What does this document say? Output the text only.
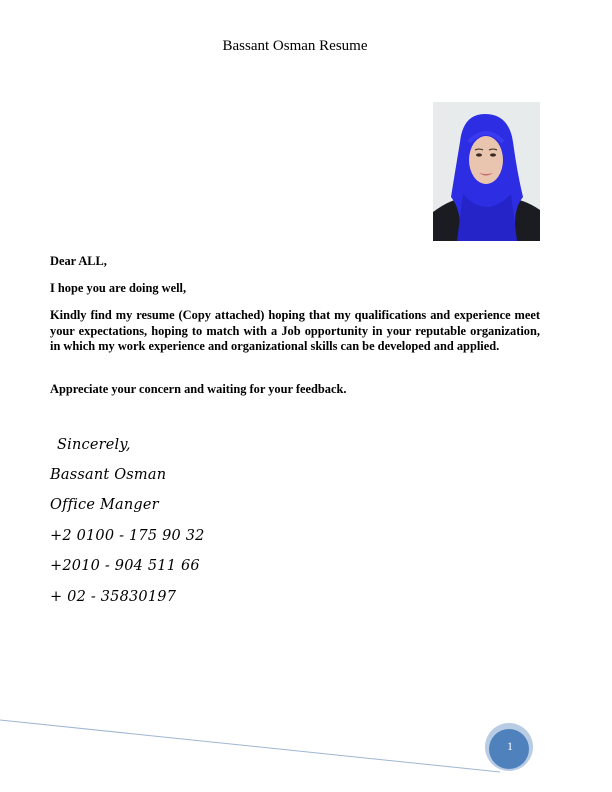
Bassant Osman Resume
Dear ALL,
I hope you are doing well,
Kindly find my resume (Copy attached) hoping that my qualifications and experience meet your expectations, hoping to match with a Job opportunity in your reputable organization, in which my work experience and organizational skills can be developed and applied.
Appreciate your concern and waiting for your feedback.
Sincerely,
Bassant Osman
Office Manger
+2 0100 - 175 90 32
+2010 - 904 511 66
+ 02 - 35830197
1
